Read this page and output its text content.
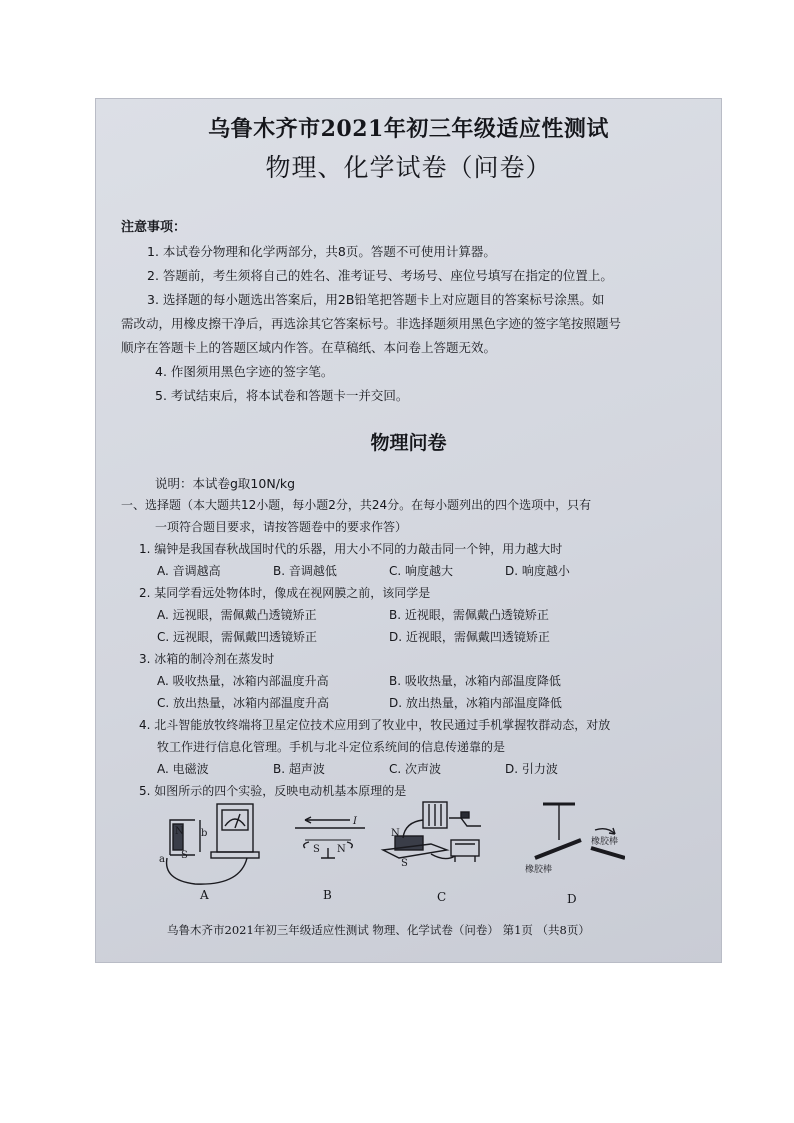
乌鲁木齐市2021年初三年级适应性测试
物理、化学试卷（问卷）
注意事项：
1. 本试卷分物理和化学两部分，共8页。答题不可使用计算器。
2. 答题前，考生须将自己的姓名、准考证号、考场号、座位号填写在指定的位置上。
3. 选择题的每小题选出答案后，用2B铅笔把答题卡上对应题目的答案标号涂黑。如
需改动，用橡皮擦干净后，再选涂其它答案标号。非选择题须用黑色字迹的签字笔按照题号
顺序在答题卡上的答题区域内作答。在草稿纸、本问卷上答题无效。
4. 作图须用黑色字迹的签字笔。
5. 考试结束后，将本试卷和答题卡一并交回。
物理问卷
说明：本试卷g取10N/kg
一、选择题（本大题共12小题，每小题2分，共24分。在每小题列出的四个选项中，只有
一项符合题目要求，请按答题卷中的要求作答）
1. 编钟是我国春秋战国时代的乐器，用大小不同的力敲击同一个钟，用力越大时
A. 音调越高	B. 音调越低	C. 响度越大	D. 响度越小
2. 某同学看远处物体时，像成在视网膜之前，该同学是
A. 远视眼，需佩戴凸透镜矫正	B. 近视眼，需佩戴凸透镜矫正
C. 远视眼，需佩戴凹透镜矫正	D. 近视眼，需佩戴凹透镜矫正
3. 冰箱的制冷剂在蒸发时
A. 吸收热量，冰箱内部温度升高	B. 吸收热量，冰箱内部温度降低
C. 放出热量，冰箱内部温度升高	D. 放出热量，冰箱内部温度降低
4. 北斗智能放牧终端将卫星定位技术应用到了牧业中，牧民通过手机掌握牧群动态，对放
牧工作进行信息化管理。手机与北斗定位系统间的信息传递靠的是
A. 电磁波	B. 超声波	C. 次声波	D. 引力波
5. 如图所示的四个实验，反映电动机基本原理的是
N
S
a
b
I
S N
N
S
橡胶棒
橡胶棒
A	B	C	D
乌鲁木齐市2021年初三年级适应性测试 物理、化学试卷（问卷） 第1页 （共8页）
